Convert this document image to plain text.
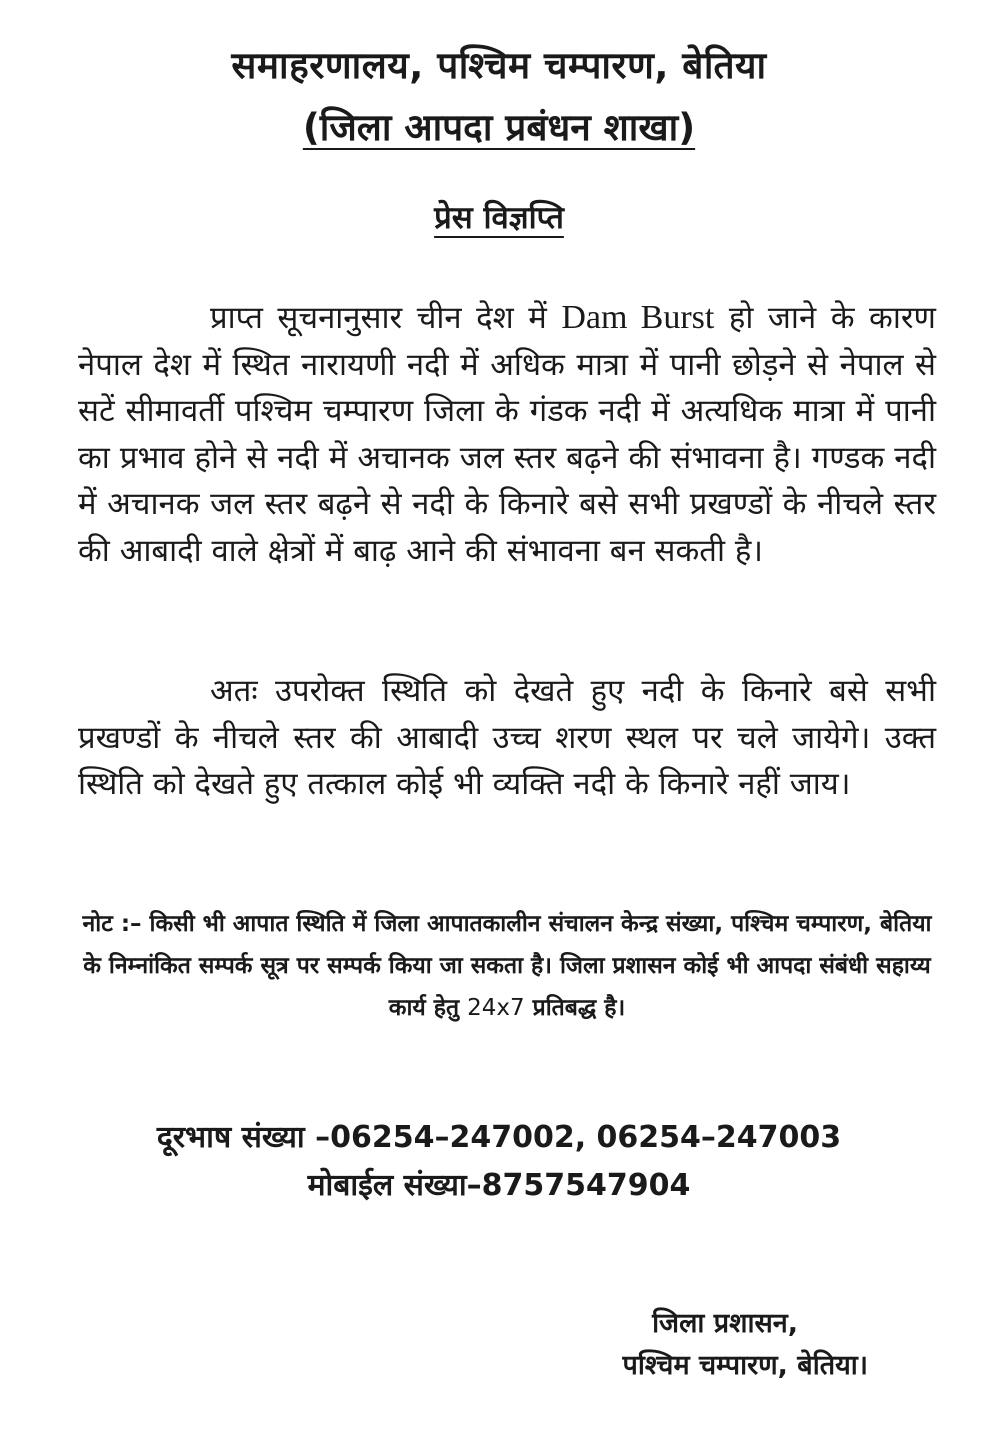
समाहरणालय, पश्चिम चम्पारण, बेतिया
(जिला आपदा प्रबंधन शाखा)
प्रेस विज्ञप्ति
प्राप्त सूचनानुसार चीन देश में Dam Burst हो जाने के कारण नेपाल देश में स्थित नारायणी नदी में अधिक मात्रा में पानी छोड़ने से नेपाल से सटें सीमावर्ती पश्चिम चम्पारण जिला के गंडक नदी में अत्यधिक मात्रा में पानी का प्रभाव होने से नदी में अचानक जल स्तर बढ़ने की संभावना है। गण्डक नदी में अचानक जल स्तर बढ़ने से नदी के किनारे बसे सभी प्रखण्डों के नीचले स्तर की आबादी वाले क्षेत्रों में बाढ़ आने की संभावना बन सकती है।
अतः उपरोक्त स्थिति को देखते हुए नदी के किनारे बसे सभी प्रखण्डों के नीचले स्तर की आबादी उच्च शरण स्थल पर चले जायेगे। उक्त स्थिति को देखते हुए तत्काल कोई भी व्यक्ति नदी के किनारे नहीं जाय।
नोट :– किसी भी आपात स्थिति में जिला आपातकालीन संचालन केन्द्र संख्या, पश्चिम चम्पारण, बेतिया के निम्नांकित सम्पर्क सूत्र पर सम्पर्क किया जा सकता है। जिला प्रशासन कोई भी आपदा संबंधी सहाय्य कार्य हेतु 24x7 प्रतिबद्ध है।
दूरभाष संख्या –06254–247002, 06254–247003
मोबाईल संख्या–8757547904
जिला प्रशासन,
पश्चिम चम्पारण, बेतिया।
